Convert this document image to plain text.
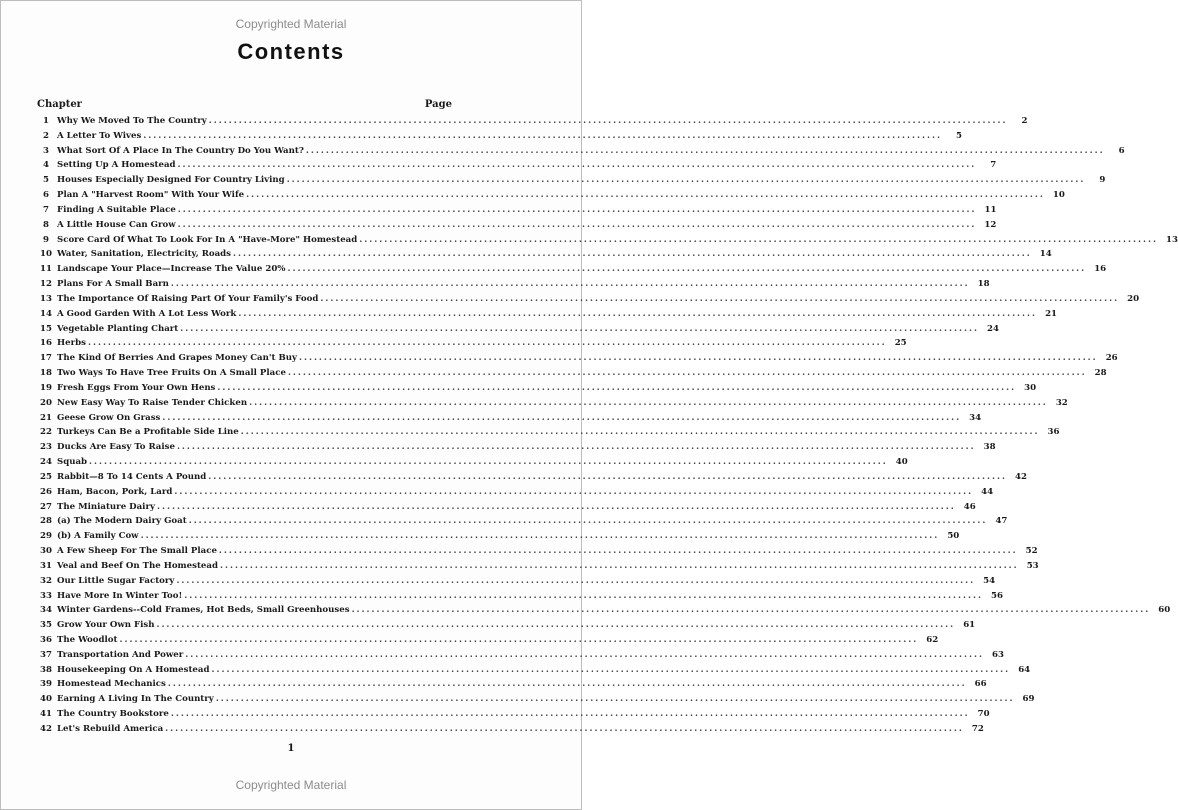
Copyrighted Material
Contents
Chapter	Page
1 Why We Moved To The Country ................................................................................................................................................................	2
2 A Letter To Wives ................................................................................................................................................................	5
3 What Sort Of A Place In The Country Do You Want? ................................................................................................................................................................	6
4 Setting Up A Homestead ................................................................................................................................................................	7
5 Houses Especially Designed For Country Living ................................................................................................................................................................	9
6 Plan A "Harvest Room" With Your Wife ................................................................................................................................................................ 10
7 Finding A Suitable Place ................................................................................................................................................................ 11
8 A Little House Can Grow ................................................................................................................................................................ 12
9 Score Card Of What To Look For In A "Have-More" Homestead ................................................................................................................................................................ 13
10 Water, Sanitation, Electricity, Roads ................................................................................................................................................................ 14
11 Landscape Your Place—Increase The Value 20% ................................................................................................................................................................ 16
12 Plans For A Small Barn ................................................................................................................................................................ 18
13 The Importance Of Raising Part Of Your Family's Food ................................................................................................................................................................ 20
14 A Good Garden With A Lot Less Work ................................................................................................................................................................ 21
15 Vegetable Planting Chart ................................................................................................................................................................ 24
16 Herbs ................................................................................................................................................................ 25
17 The Kind Of Berries And Grapes Money Can't Buy ................................................................................................................................................................ 26
18 Two Ways To Have Tree Fruits On A Small Place ................................................................................................................................................................ 28
19 Fresh Eggs From Your Own Hens ................................................................................................................................................................ 30
20 New Easy Way To Raise Tender Chicken ................................................................................................................................................................ 32
21 Geese Grow On Grass ................................................................................................................................................................ 34
22 Turkeys Can Be a Profitable Side Line ................................................................................................................................................................ 36
23 Ducks Are Easy To Raise ................................................................................................................................................................ 38
24 Squab ................................................................................................................................................................ 40
25 Rabbit—8 To 14 Cents A Pound ................................................................................................................................................................ 42
26 Ham, Bacon, Pork, Lard ................................................................................................................................................................ 44
27 The Miniature Dairy ................................................................................................................................................................ 46
28 (a) The Modern Dairy Goat ................................................................................................................................................................ 47
29 (b) A Family Cow ................................................................................................................................................................ 50
30 A Few Sheep For The Small Place ................................................................................................................................................................ 52
31 Veal and Beef On The Homestead ................................................................................................................................................................ 53
32 Our Little Sugar Factory ................................................................................................................................................................ 54
33 Have More In Winter Too! ................................................................................................................................................................ 56
34 Winter Gardens--Cold Frames, Hot Beds, Small Greenhouses ................................................................................................................................................................ 60
35 Grow Your Own Fish ................................................................................................................................................................ 61
36 The Woodlot ................................................................................................................................................................ 62
37 Transportation And Power ................................................................................................................................................................ 63
38 Housekeeping On A Homestead ................................................................................................................................................................ 64
39 Homestead Mechanics ................................................................................................................................................................ 66
40 Earning A Living In The Country ................................................................................................................................................................ 69
41 The Country Bookstore ................................................................................................................................................................ 70
42 Let's Rebuild America ................................................................................................................................................................ 72
1
Copyrighted Material
